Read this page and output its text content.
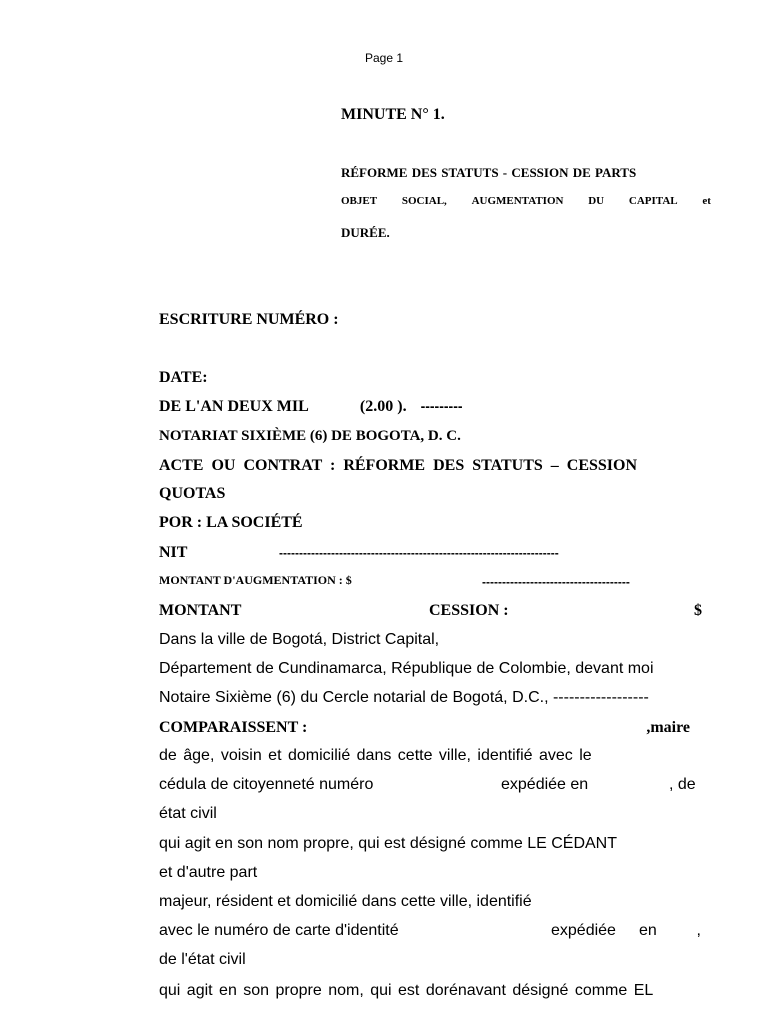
Page 1
MINUTE N° 1.
RÉFORME DES STATUTS - CESSION DE PARTS
OBJET SOCIAL, AUGMENTATION DU CAPITAL et
DURÉE.
ESCRITURE NUMÉRO :
DATE:
DE L'AN DEUX MIL	(2.00 ). ---------
NOTARIAT SIXIÈME (6) DE BOGOTA, D. C.
ACTE OU CONTRAT : RÉFORME DES STATUTS – CESSION
QUOTAS
POR : LA SOCIÉTÉ
NIT	----------------------------------------------------------------------
MONTANT D'AUGMENTATION : $	-------------------------------------
MONTANT	CESSION :	$
Dans la ville de Bogotá, District Capital,
Département de Cundinamarca, République de Colombie, devant moi
Notaire Sixième (6) du Cercle notarial de Bogotá, D.C., ------------------
COMPARAISSENT :	,maire
de âge, voisin et domicilié dans cette ville, identifié avec le
cédula de citoyenneté numéro	expédiée en	, de
état civil
qui agit en son nom propre, qui est désigné comme LE CÉDANT
et d'autre part
majeur, résident et domicilié dans cette ville, identifié
avec le numéro de carte d'identité	expédiée en ,
de l'état civil
qui agit en son propre nom, qui est dorénavant désigné comme EL
